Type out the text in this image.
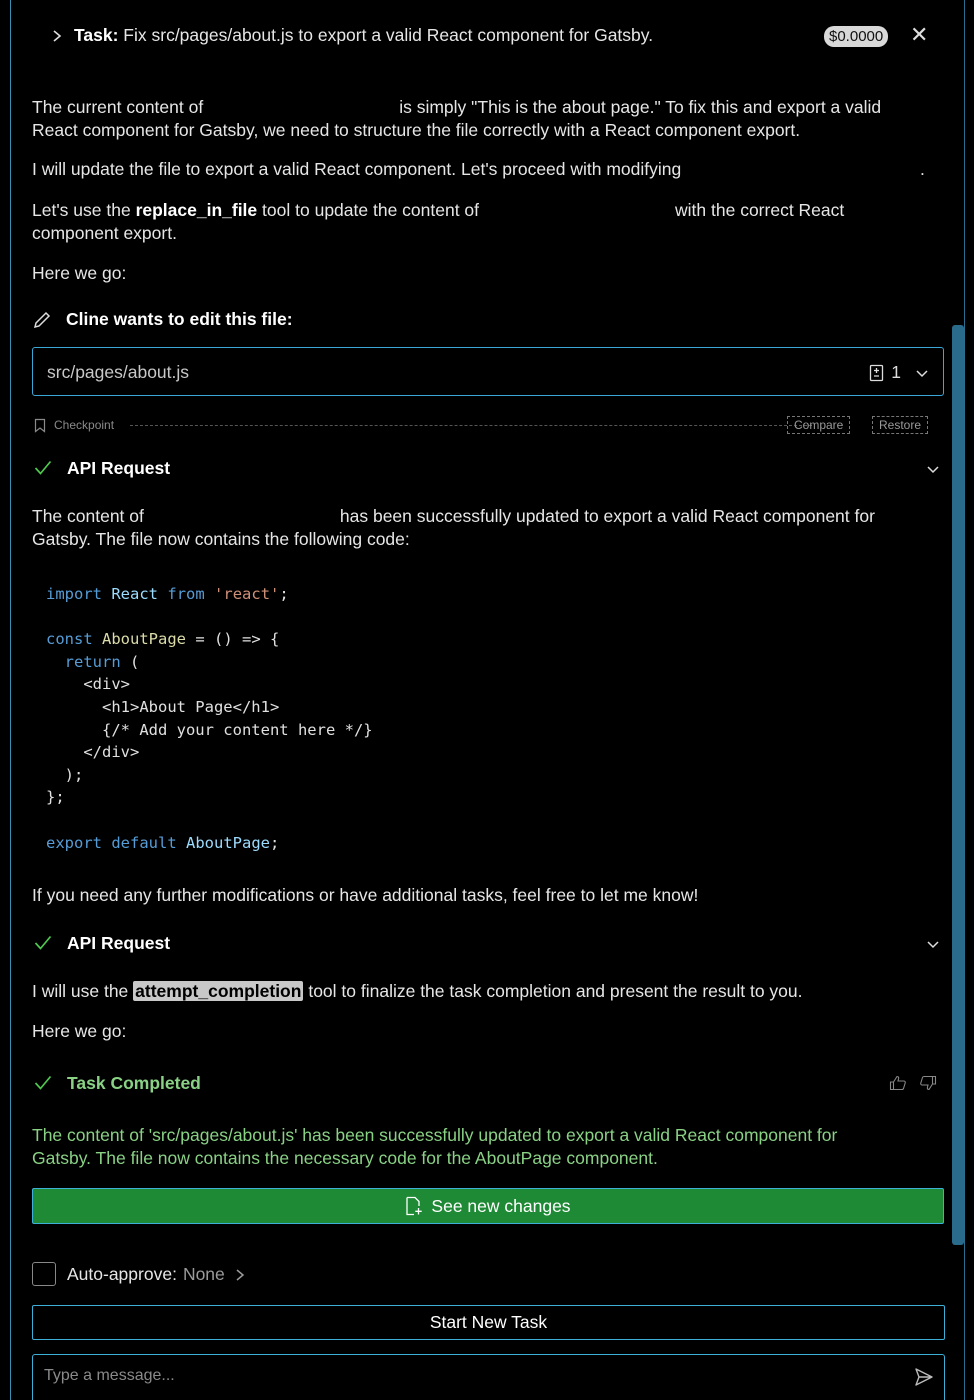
Task: Fix src/pages/about.js to export a valid React component for Gatsby.	$0.0000 ✕
The current content of	is simply "This is the about page." To fix this and export a valid
React component for Gatsby, we need to structure the file correctly with a React component export.
I will update the file to export a valid React component. Let's proceed with modifying	.
Let's use the replace_in_file tool to update the content of	with the correct React
component export.
Here we go:
Cline wants to edit this file:
src/pages/about.js	1
Checkpoint	Compare	Restore
API Request
The content of	has been successfully updated to export a valid React component for
Gatsby. The file now contains the following code:
import React from 'react';

const AboutPage = () => {
return (
<div>
<h1>About Page</h1>
{/* Add your content here */}
</div>
);
};

export default AboutPage;
If you need any further modifications or have additional tasks, feel free to let me know!
API Request
I will use the attempt_completion tool to finalize the task completion and present the result to you.
Here we go:
Task Completed
The content of 'src/pages/about.js' has been successfully updated to export a valid React component for
Gatsby. The file now contains the necessary code for the AboutPage component.
See new changes
Auto-approve: None
Start New Task
Type a message...
